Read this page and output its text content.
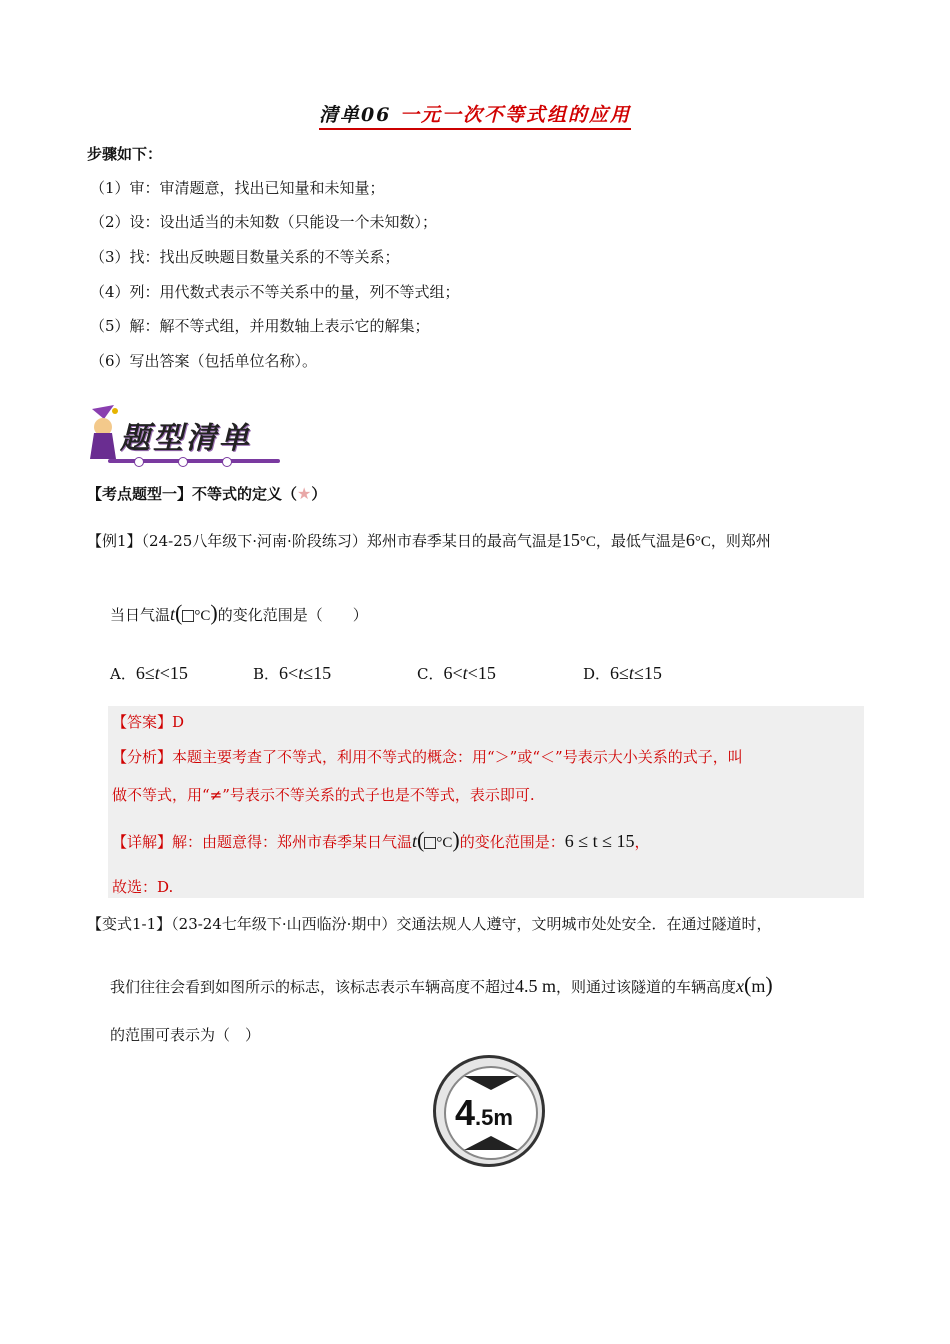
清单06 一元一次不等式组的应用
步骤如下：
（1）审：审清题意，找出已知量和未知量；
（2）设：设出适当的未知数（只能设一个未知数）；
（3）找：找出反映题目数量关系的不等关系；
（4）列：用代数式表示不等关系中的量，列不等式组；
（5）解：解不等式组，并用数轴上表示它的解集；
（6）写出答案（包括单位名称）。
题型清单
【考点题型一】不等式的定义（★）
【例1】（24-25八年级下·河南·阶段练习）郑州市春季某日的最高气温是15°C，最低气温是6°C，则郑州
当日气温t( °C)的变化范围是（　　）
A．6≤t<15	B．6<t≤15	C．6<t<15	D．6≤t≤15
【答案】D
【分析】本题主要考查了不等式，利用不等式的概念：用“＞”或“＜”号表示大小关系的式子，叫
做不等式，用“≠”号表示不等关系的式子也是不等式，表示即可.
【详解】解：由题意得：郑州市春季某日气温t( °C)的变化范围是：6 ≤ t ≤ 15，
故选：D.
【变式1-1】（23-24七年级下·山西临汾·期中）交通法规人人遵守，文明城市处处安全．在通过隧道时，
我们往往会看到如图所示的标志，该标志表示车辆高度不超过4.5 m，则通过该隧道的车辆高度x(m)
的范围可表示为（　）
4.5m
